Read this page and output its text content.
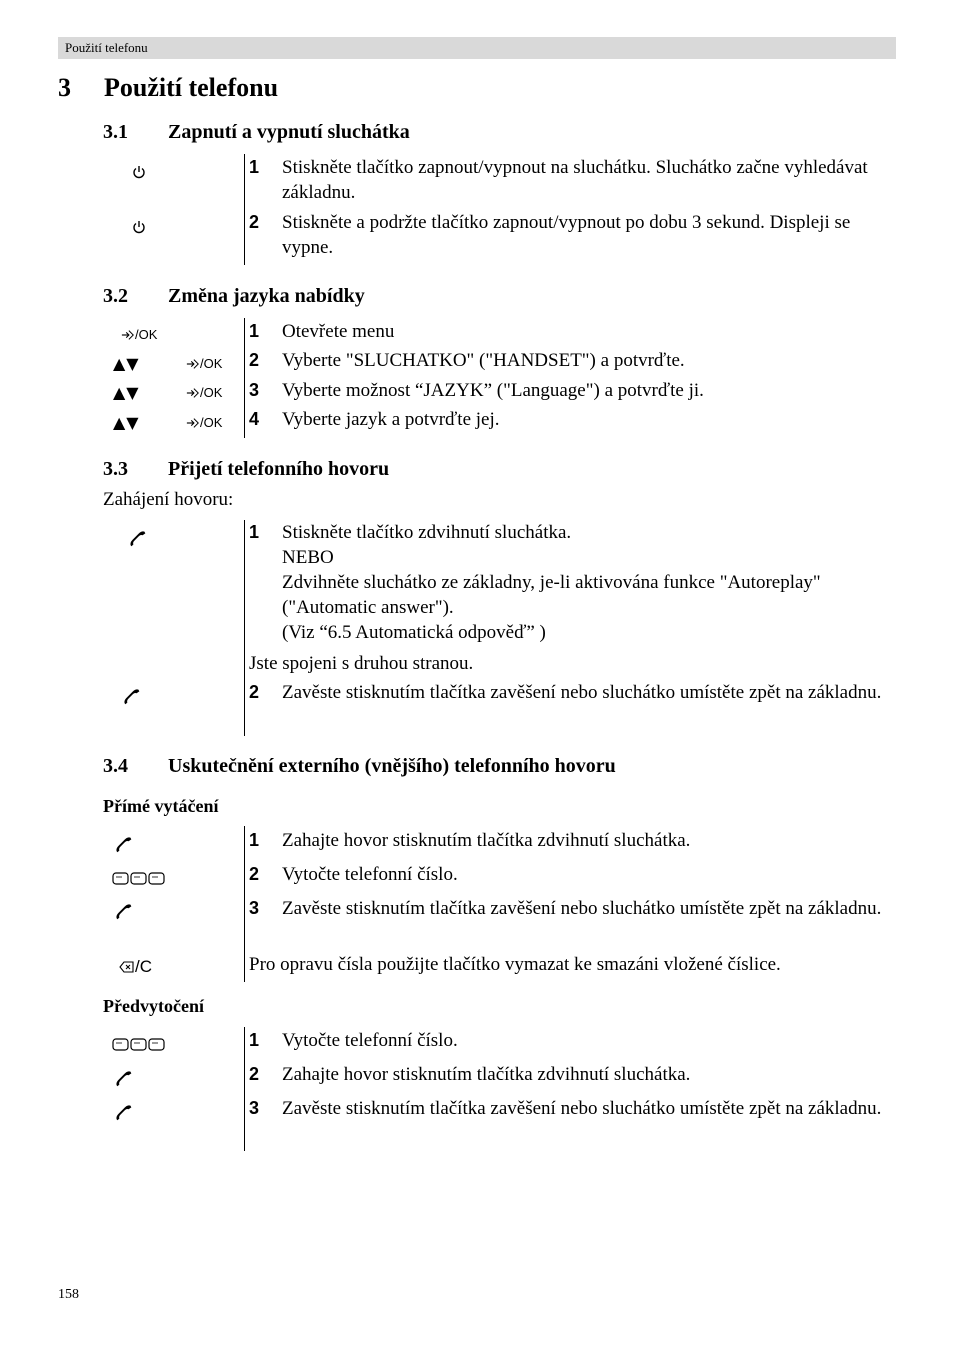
Použití telefonu
3 Použití telefonu
3.1 Zapnutí a vypnutí sluchátka
1 Stiskněte tlačítko zapnout/vypnout na sluchátku. Sluchátko začne vyhledávat základnu.
2 Stiskněte a podržte tlačítko zapnout/vypnout po dobu 3 sekund. Displeji se vypne.
3.2 Změna jazyka nabídky
/OK	1 Otevřete menu
▲▼	/OK 2 Vyberte "SLUCHATKO" ("HANDSET") a potvrďte.
▲▼	/OK 3 Vyberte možnost “JAZYK” ("Language") a potvrďte ji.
▲▼	/OK 4 Vyberte jazyk a potvrďte jej.
3.3 Přijetí telefonního hovoru
Zahájení hovoru:
1 Stiskněte tlačítko zdvihnutí sluchátka.
NEBO
Zdvihněte sluchátko ze základny, je-li aktivována funkce "Autoreplay" ("Automatic answer").
(Viz “6.5 Automatická odpověď” )
Jste spojeni s druhou stranou.
2 Zavěste stisknutím tlačítka zavěšení nebo sluchátko umístěte zpět na základnu.
3.4 Uskutečnění externího (vnějšího) telefonního hovoru
Přímé vytáčení
1 Zahajte hovor stisknutím tlačítka zdvihnutí sluchátka.
2 Vytočte telefonní číslo.
3 Zavěste stisknutím tlačítka zavěšení nebo sluchátko umístěte zpět na základnu.
/C	Pro opravu čísla použijte tlačítko vymazat ke smazáni vložené číslice.
Předvytočení
1 Vytočte telefonní číslo.
2 Zahajte hovor stisknutím tlačítka zdvihnutí sluchátka.
3 Zavěste stisknutím tlačítka zavěšení nebo sluchátko umístěte zpět na základnu.
158
